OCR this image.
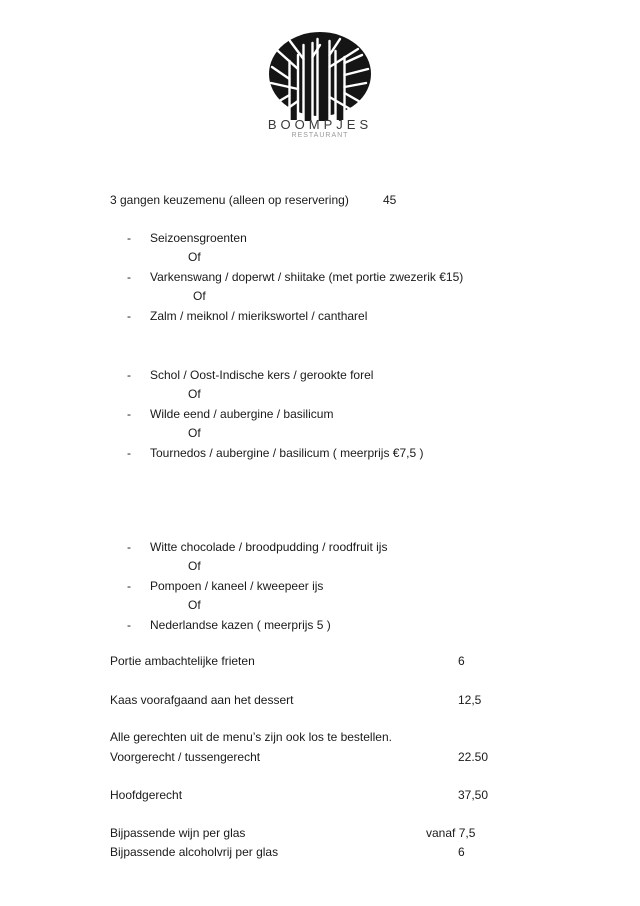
BOOMPJES
RESTAURANT
3 gangen keuzemenu (alleen op reservering)	45
-	Seizoensgroenten
Of
-	Varkenswang / doperwt / shiitake (met portie zwezerik €15)
Of
-	Zalm / meiknol / mierikswortel / cantharel
-	Schol / Oost-Indische kers / gerookte forel
Of
-	Wilde eend / aubergine / basilicum
Of
-	Tournedos / aubergine / basilicum ( meerprijs €7,5 )
-	Witte chocolade / broodpudding / roodfruit ijs
Of
-	Pompoen / kaneel / kweepeer ijs
Of
-	Nederlandse kazen ( meerprijs 5 )
Portie ambachtelijke frieten	6
Kaas voorafgaand aan het dessert	12,5
Alle gerechten uit de menu’s zijn ook los te bestellen.
Voorgerecht / tussengerecht	22.50
Hoofdgerecht	37,50
Bijpassende wijn per glas	vanaf 7,5
Bijpassende alcoholvrij per glas	6
